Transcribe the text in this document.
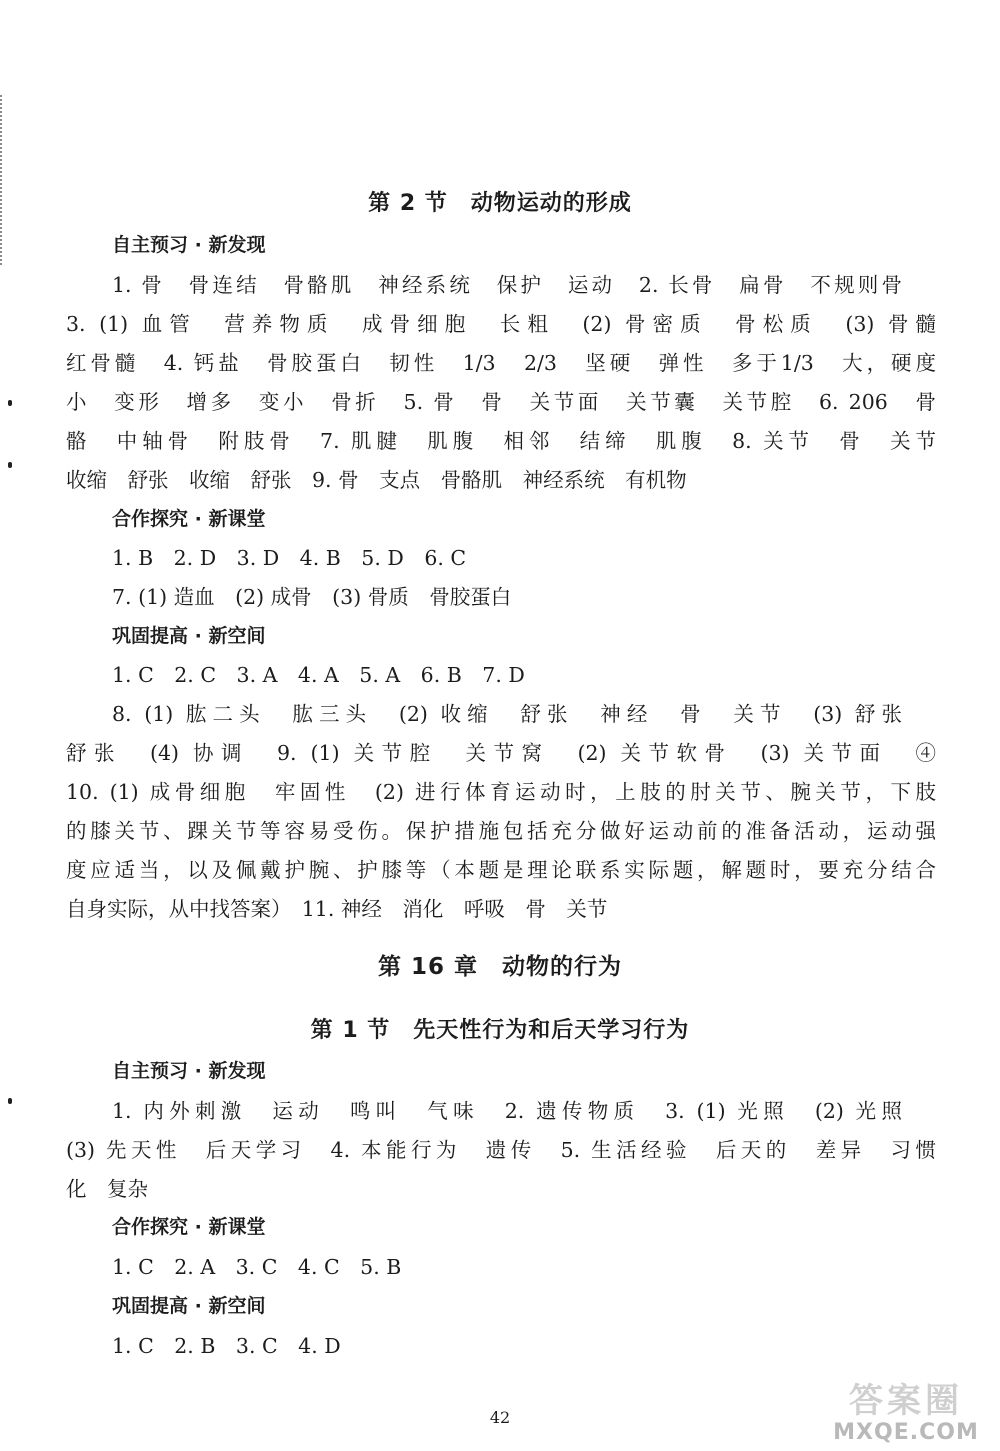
第 2 节　动物运动的形成
自主预习 · 新发现

1. 骨　骨连结　骨骼肌　神经系统　保护　运动　2. 长骨　扁骨　不规则骨

3. (1) 血管　营养物质　成骨细胞　长粗　(2) 骨密质　骨松质　(3) 骨髓

红骨髓　4. 钙盐　骨胶蛋白　韧性　1/3　2/3　坚硬　弹性　多于1/3　大，硬度

小　变形　增多　变小　骨折　5. 骨　骨　关节面　关节囊　关节腔　6. 206　骨

骼　中轴骨　附肢骨　7. 肌腱　肌腹　相邻　结缔　肌腹　8. 关节　骨　关节

收缩　舒张　收缩　舒张　9. 骨　支点　骨骼肌　神经系统　有机物

合作探究 · 新课堂

1. B　2. D　3. D　4. B　5. D　6. C

7. (1) 造血　(2) 成骨　(3) 骨质　骨胶蛋白

巩固提高 · 新空间

1. C　2. C　3. A　4. A　5. A　6. B　7. D

8. (1) 肱二头　肱三头　(2) 收缩　舒张　神经　骨　关节　(3) 舒张

舒张　(4) 协调　9. (1) 关节腔　关节窝　(2) 关节软骨　(3) 关节面　④

10. (1) 成骨细胞　牢固性　(2) 进行体育运动时，上肢的肘关节、腕关节，下肢

的膝关节、踝关节等容易受伤。保护措施包括充分做好运动前的准备活动，运动强

度应适当，以及佩戴护腕、护膝等（本题是理论联系实际题，解题时，要充分结合

自身实际，从中找答案）　11. 神经　消化　呼吸　骨　关节

第 16 章　动物的行为
第 1 节　先天性行为和后天学习行为
自主预习 · 新发现

1. 内外刺激　运动　鸣叫　气味　2. 遗传物质　3. (1) 光照　(2) 光照

(3) 先天性　后天学习　4. 本能行为　遗传　5. 生活经验　后天的　差异　习惯

化　复杂

合作探究 · 新课堂

1. C　2. A　3. C　4. C　5. B

巩固提高 · 新空间

1. C　2. B　3. C　4. D

42	答案圈
MXQE.COM
